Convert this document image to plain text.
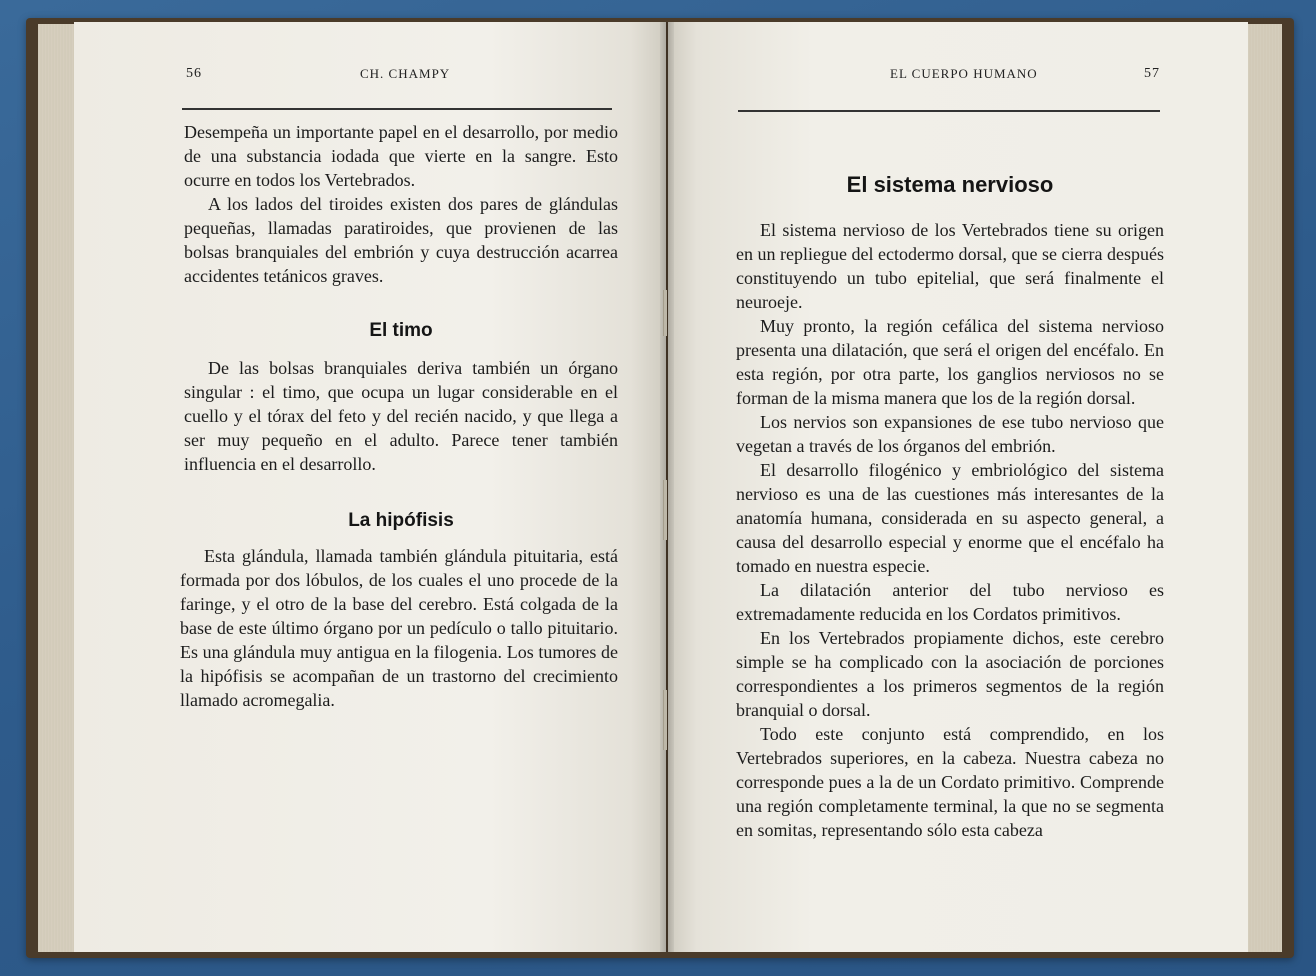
56	CH. CHAMPY	EL CUERPO HUMANO	57

Desempeña un importante papel en el desarrollo, por medio de una substancia iodada que vierte en la sangre. Esto ocurre en todos los Vertebrados.

A los lados del tiroides existen dos pares de glándulas pequeñas, llamadas paratiroides, que provienen de las bolsas branquiales del embrión y cuya destrucción acarrea accidentes tetánicos graves.

El timo

De las bolsas branquiales deriva también un órgano singular : el timo, que ocupa un lugar considerable en el cuello y el tórax del feto y del recién nacido, y que llega a ser muy pequeño en el adulto. Parece tener también influencia en el desarrollo.

La hipófisis

Esta glándula, llamada también glándula pituitaria, está formada por dos lóbulos, de los cuales el uno procede de la faringe, y el otro de la base del cerebro. Está colgada de la base de este último órgano por un pedículo o tallo pituitario. Es una glándula muy antigua en la filogenia. Los tumores de la hipófisis se acompañan de un trastorno del crecimiento llamado acromegalia.

El sistema nervioso

El sistema nervioso de los Vertebrados tiene su origen en un repliegue del ectodermo dorsal, que se cierra después constituyendo un tubo epitelial, que será finalmente el neuroeje.

Muy pronto, la región cefálica del sistema nervioso presenta una dilatación, que será el origen del encéfalo. En esta región, por otra parte, los ganglios nerviosos no se forman de la misma manera que los de la región dorsal.

Los nervios son expansiones de ese tubo nervioso que vegetan a través de los órganos del embrión.

El desarrollo filogénico y embriológico del sistema nervioso es una de las cuestiones más interesantes de la anatomía humana, considerada en su aspecto general, a causa del desarrollo especial y enorme que el encéfalo ha tomado en nuestra especie.

La dilatación anterior del tubo nervioso es extremadamente reducida en los Cordatos primitivos.

En los Vertebrados propiamente dichos, este cerebro simple se ha complicado con la asociación de porciones correspondientes a los primeros segmentos de la región branquial o dorsal.

Todo este conjunto está comprendido, en los Vertebrados superiores, en la cabeza. Nuestra cabeza no corresponde pues a la de un Cordato primitivo. Comprende una región completamente terminal, la que no se segmenta en somitas, representando sólo esta cabeza
